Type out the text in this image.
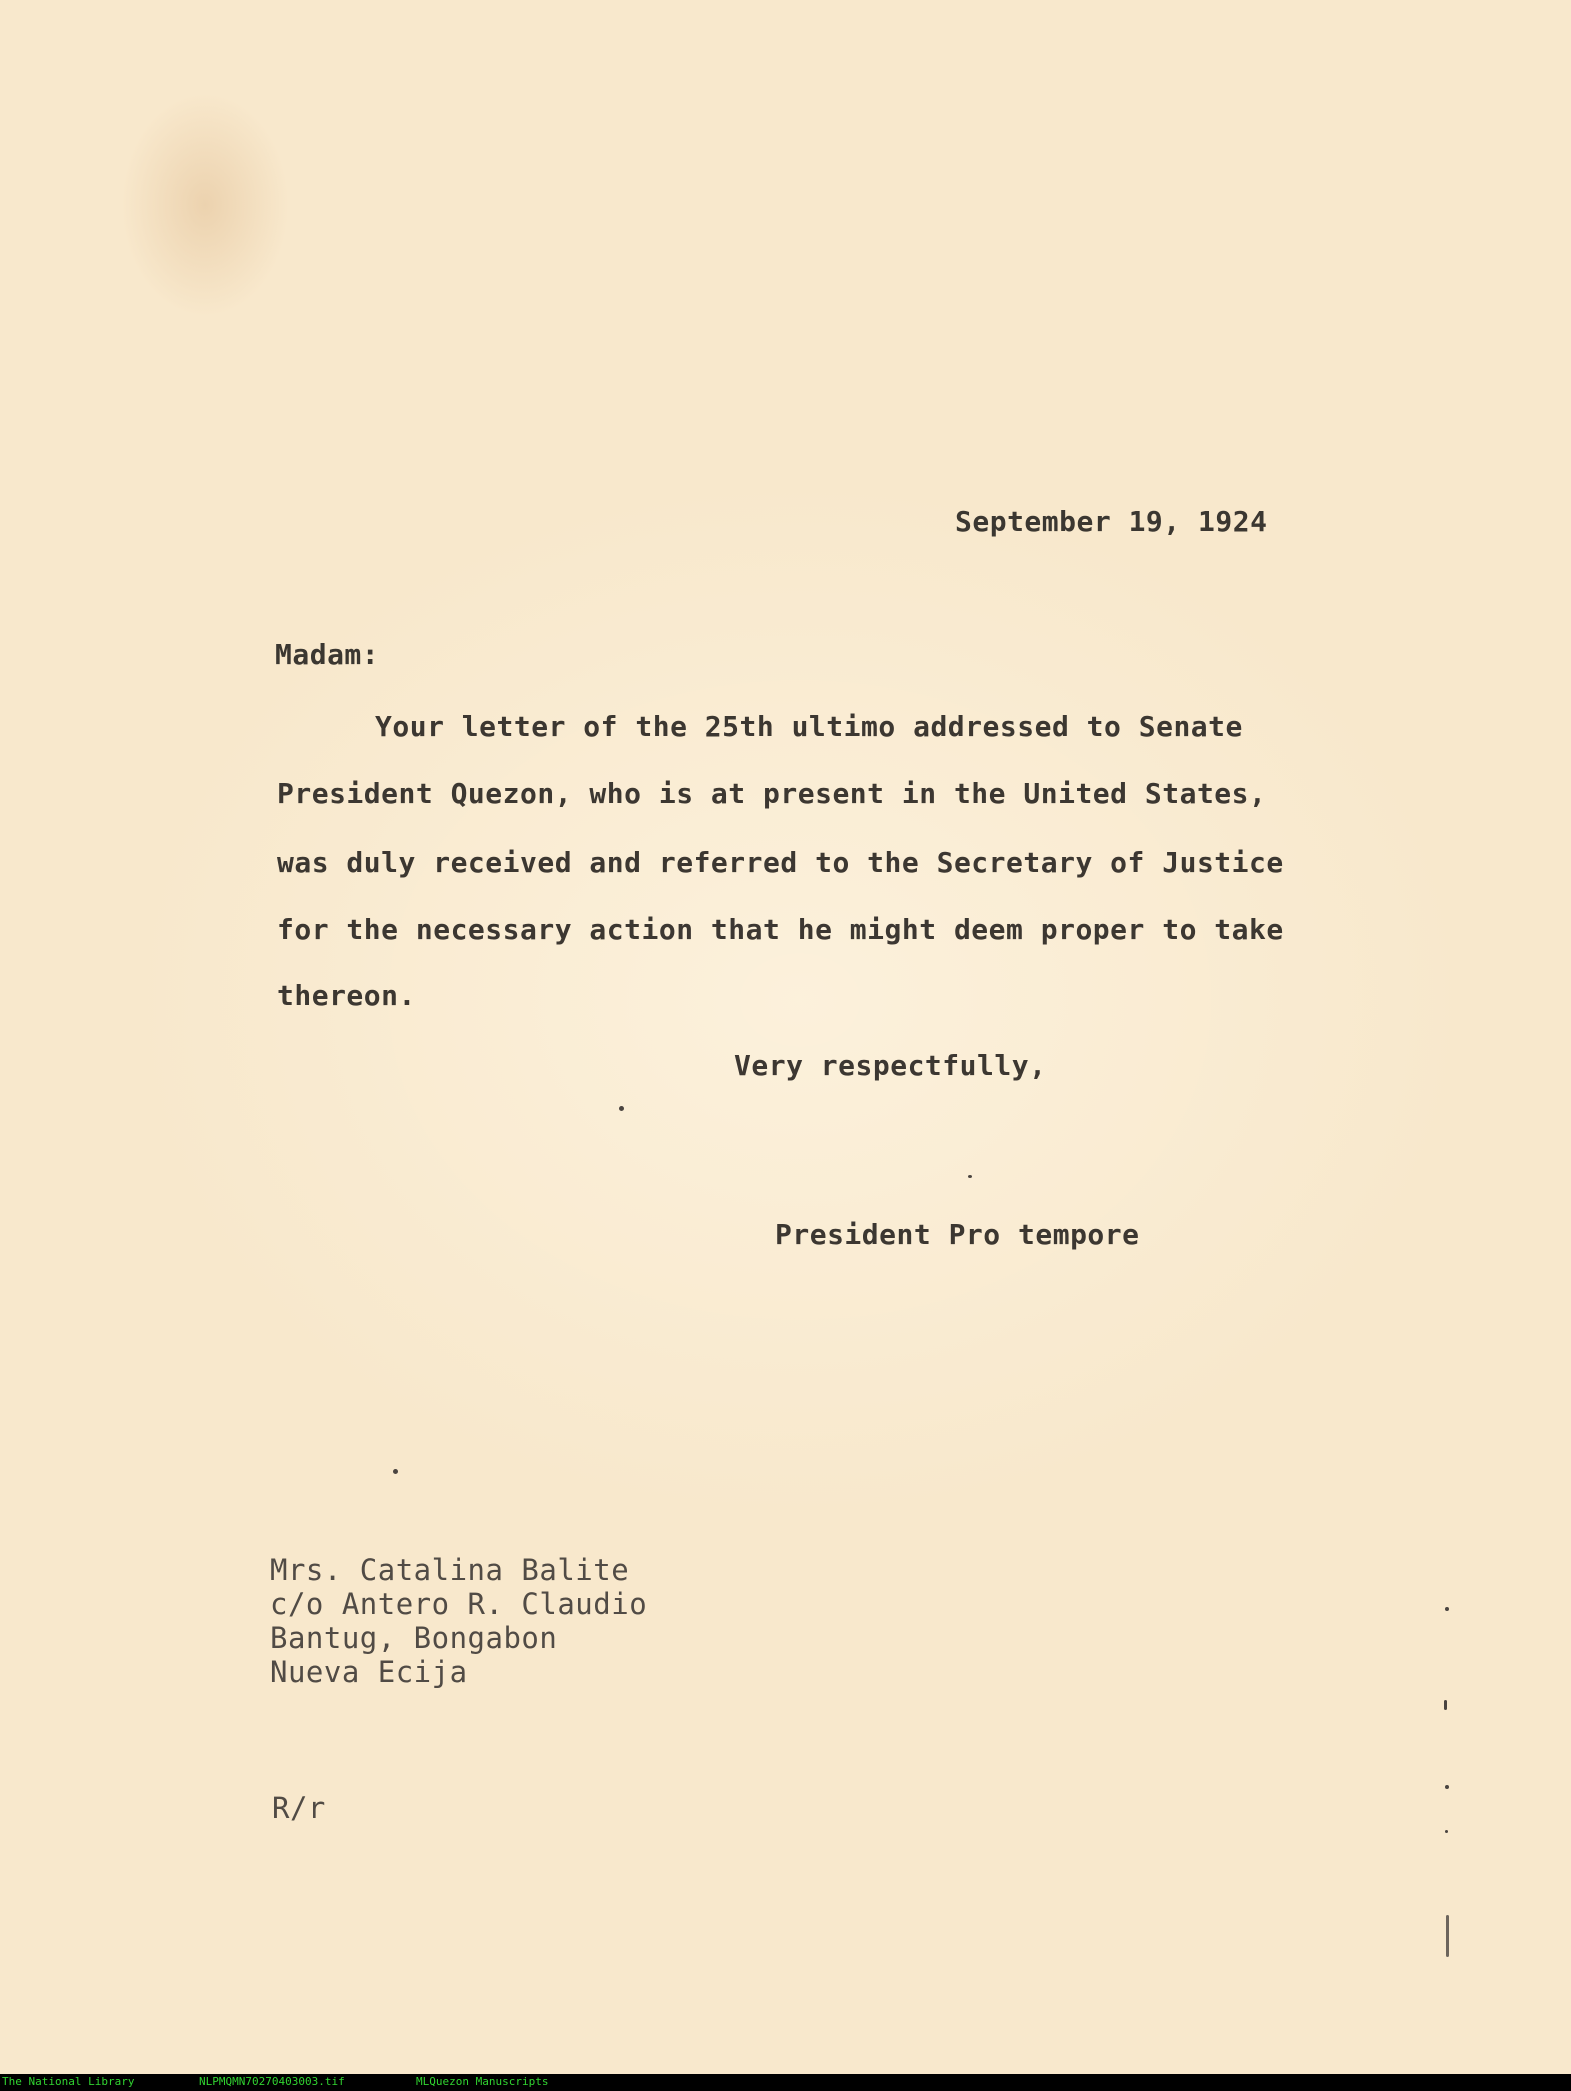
September 19, 1924
Madam:
Your letter of the 25th ultimo addressed to Senate
President Quezon, who is at present in the United States,
was duly received and referred to the Secretary of Justice
for the necessary action that he might deem proper to take
thereon.
Very respectfully,
President Pro tempore
Mrs. Catalina Balite
c/o Antero R. Claudio
Bantug, Bongabon
Nueva Ecija
R/r
The National Library	NLPMQMN70270403003.tif	MLQuezon Manuscripts
